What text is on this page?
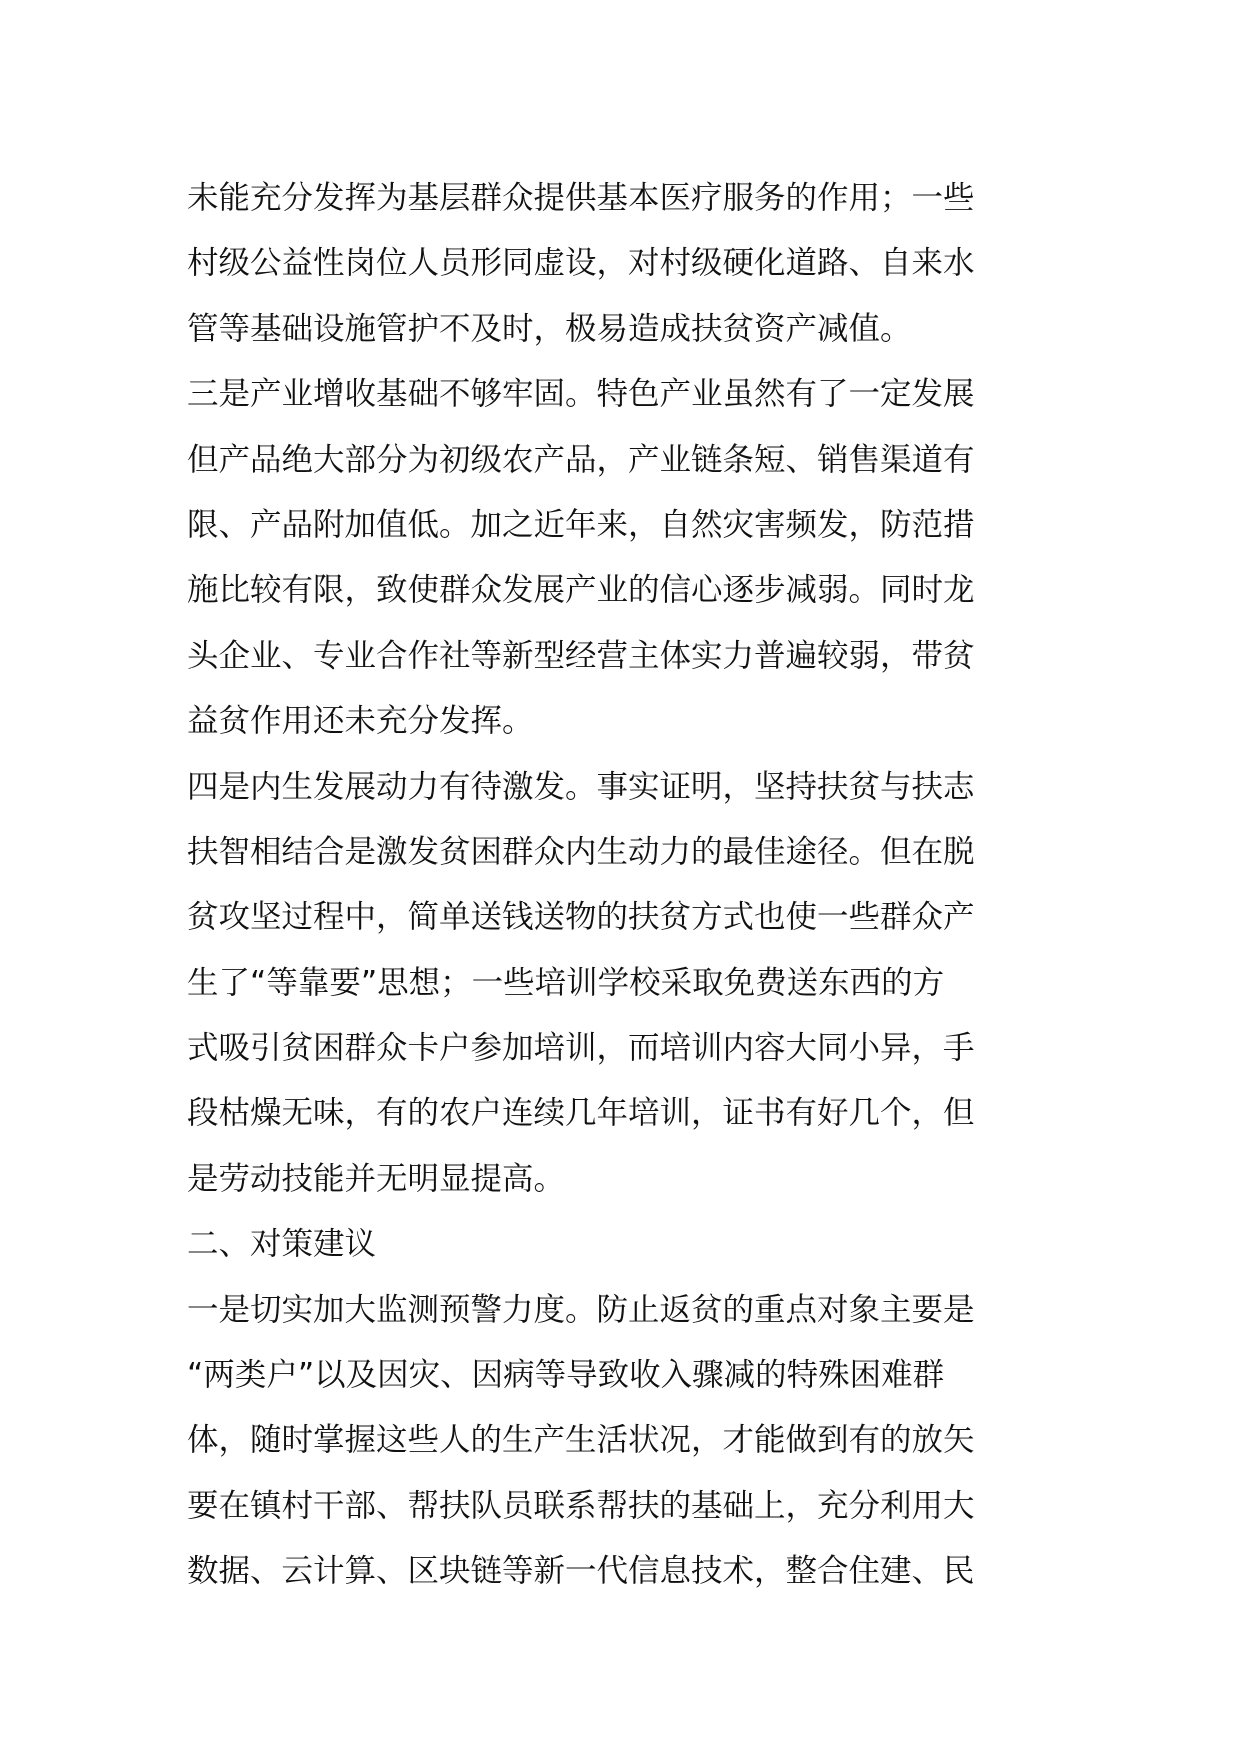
未能充分发挥为基层群众提供基本医疗服务的作用；一些
村级公益性岗位人员形同虚设，对村级硬化道路、自来水
管等基础设施管护不及时，极易造成扶贫资产减值。
三是产业增收基础不够牢固。特色产业虽然有了一定发展
但产品绝大部分为初级农产品，产业链条短、销售渠道有
限、产品附加值低。加之近年来，自然灾害频发，防范措
施比较有限，致使群众发展产业的信心逐步减弱。同时龙
头企业、专业合作社等新型经营主体实力普遍较弱，带贫
益贫作用还未充分发挥。
四是内生发展动力有待激发。事实证明，坚持扶贫与扶志
扶智相结合是激发贫困群众内生动力的最佳途径。但在脱
贫攻坚过程中，简单送钱送物的扶贫方式也使一些群众产
生了“等靠要”思想；一些培训学校采取免费送东西的方
式吸引贫困群众卡户参加培训，而培训内容大同小异，手
段枯燥无味，有的农户连续几年培训，证书有好几个，但
是劳动技能并无明显提高。
二、对策建议
一是切实加大监测预警力度。防止返贫的重点对象主要是
“两类户”以及因灾、因病等导致收入骤减的特殊困难群
体，随时掌握这些人的生产生活状况，才能做到有的放矢
要在镇村干部、帮扶队员联系帮扶的基础上，充分利用大
数据、云计算、区块链等新一代信息技术，整合住建、民
